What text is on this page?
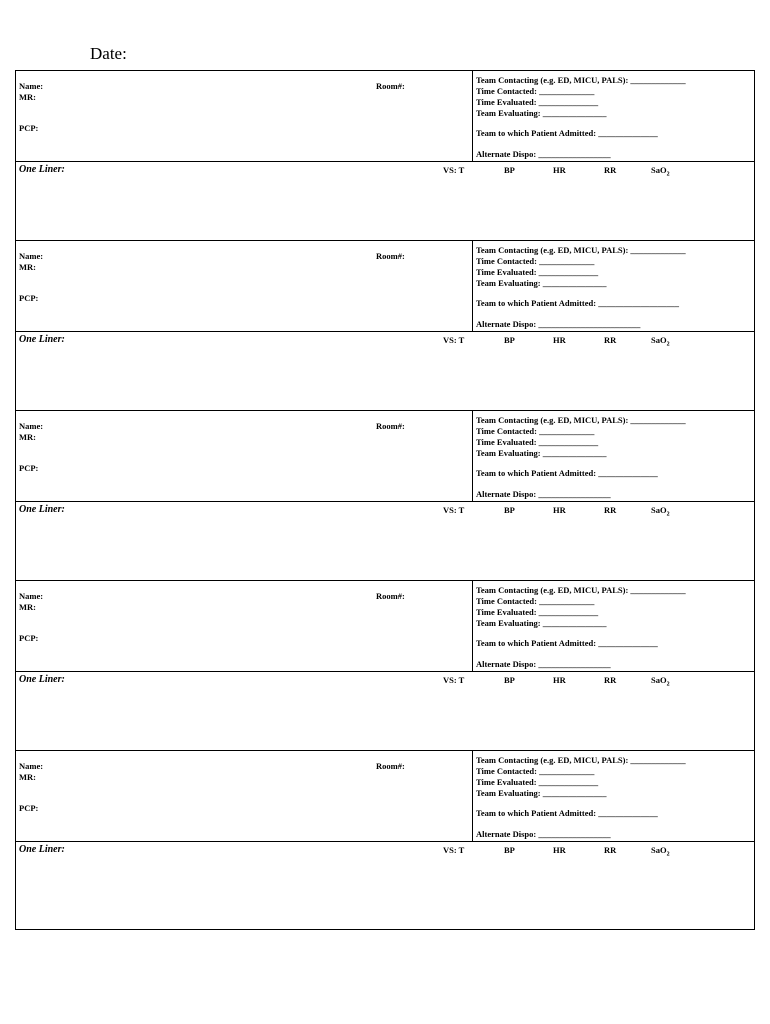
Date:
Name:
MR:
PCP:
Room#:
Team Contacting (e.g. ED, MICU, PALS): _____________
Time Contacted: _____________
Time Evaluated: ______________
Team Evaluating: _______________
Team to which Patient Admitted: ______________
Alternate Dispo: _________________
One Liner:	VS: T	BP	HR	RR	SaO$_2$
Name:
MR:
PCP:
Room#:
Team Contacting (e.g. ED, MICU, PALS): _____________
Time Contacted: _____________
Time Evaluated: ______________
Team Evaluating: _______________
Team to which Patient Admitted: ___________________
Alternate Dispo: ________________________
One Liner:	VS: T	BP	HR	RR	SaO$_2$
Name:
MR:
PCP:
Room#:
Team Contacting (e.g. ED, MICU, PALS): _____________
Time Contacted: _____________
Time Evaluated: ______________
Team Evaluating: _______________
Team to which Patient Admitted: ______________
Alternate Dispo: _________________
One Liner:	VS: T	BP	HR	RR	SaO$_2$
Name:
MR:
PCP:
Room#:
Team Contacting (e.g. ED, MICU, PALS): _____________
Time Contacted: _____________
Time Evaluated: ______________
Team Evaluating: _______________
Team to which Patient Admitted: ______________
Alternate Dispo: _________________
One Liner:	VS: T	BP	HR	RR	SaO$_2$
Name:
MR:
PCP:
Room#:
Team Contacting (e.g. ED, MICU, PALS): _____________
Time Contacted: _____________
Time Evaluated: ______________
Team Evaluating: _______________
Team to which Patient Admitted: ______________
Alternate Dispo: _________________
One Liner:	VS: T	BP	HR	RR	SaO$_2$
